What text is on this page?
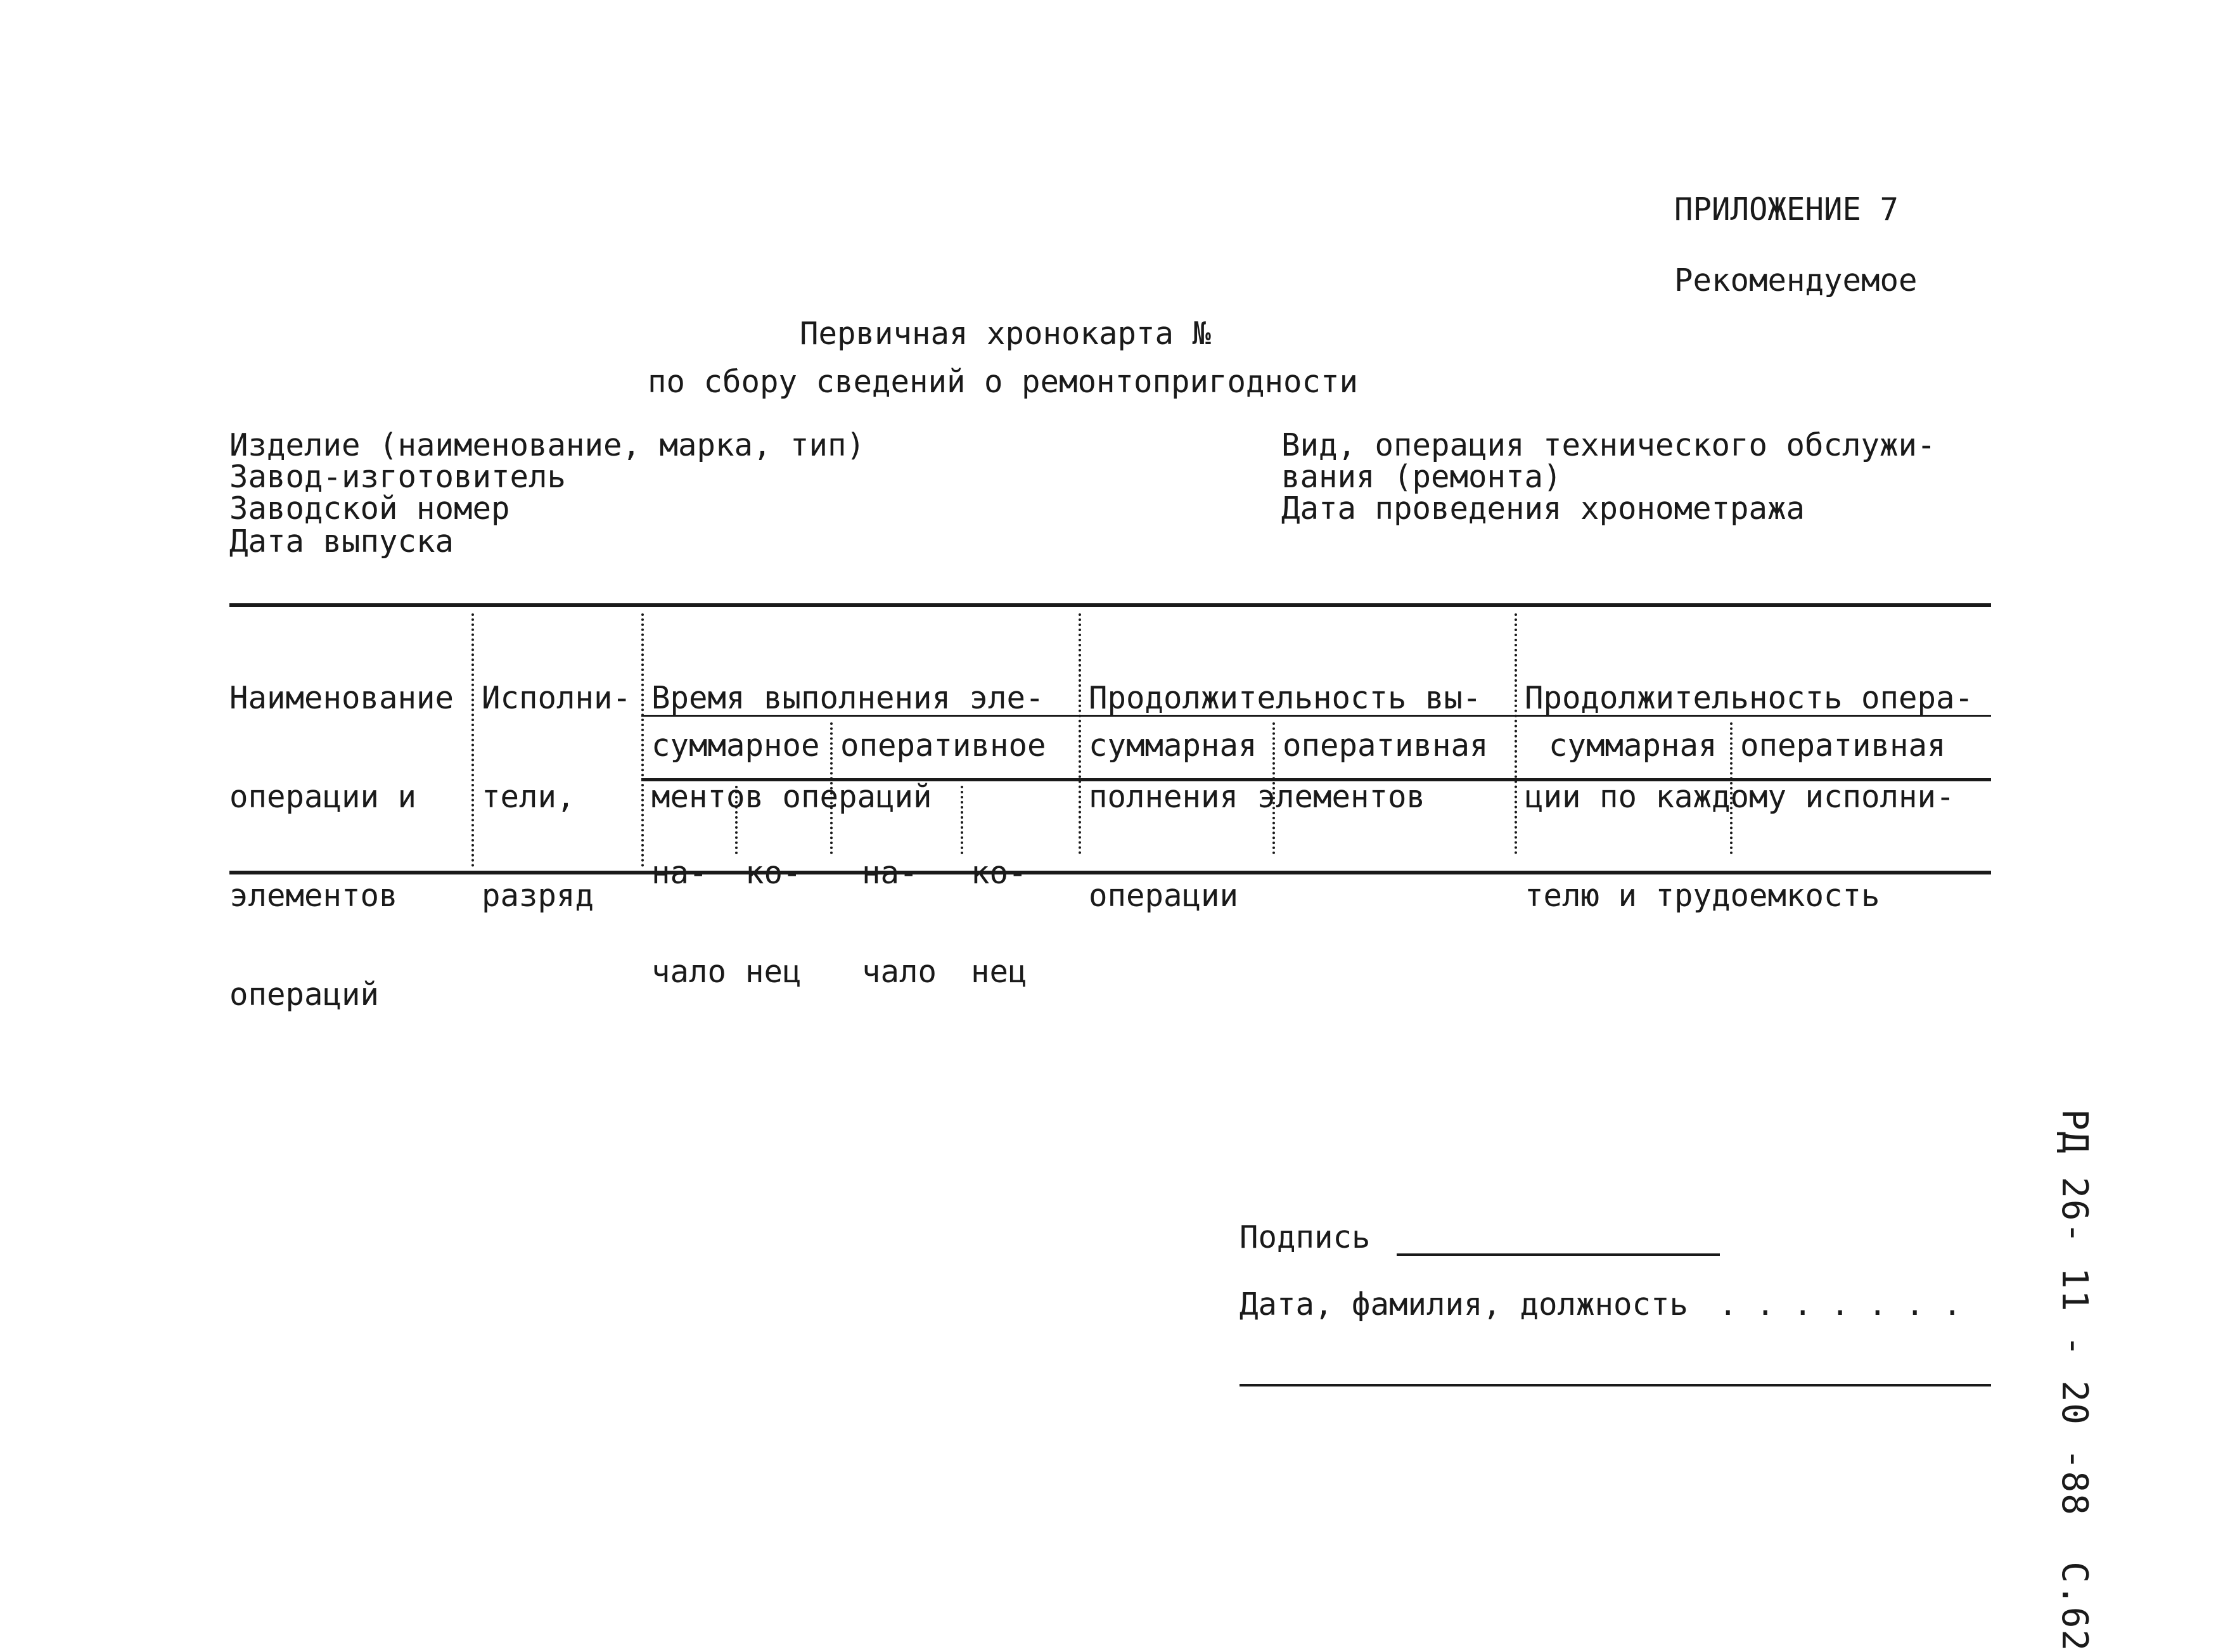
ПРИЛОЖЕНИЕ 7
Рекомендуемое
Первичная хронокарта №
по сбору сведений о ремонтопригодности
Изделие (наименование, марка, тип)
Завод-изготовитель
Заводской номер
Дата выпуска
Вид, операция технического обслужи-
вания (ремонта)
Дата проведения хронометража

Наименование

операции и

элементов

операций

Исполни-

тели,

разряд

Время выполнения эле-

ментов операций

Продолжительность вы-

полнения элементов

операции

Продолжительность опера-

ции по каждому исполни-

телю и трудоемкость

суммарное оперативное суммарная оперативная суммарная оперативная

на-

чало

ко-

нец

на-

чало

ко-

нец

Подпись
Дата, фамилия, должность . . . . . . .	РД 26- 11 - 20 -88  С.62
